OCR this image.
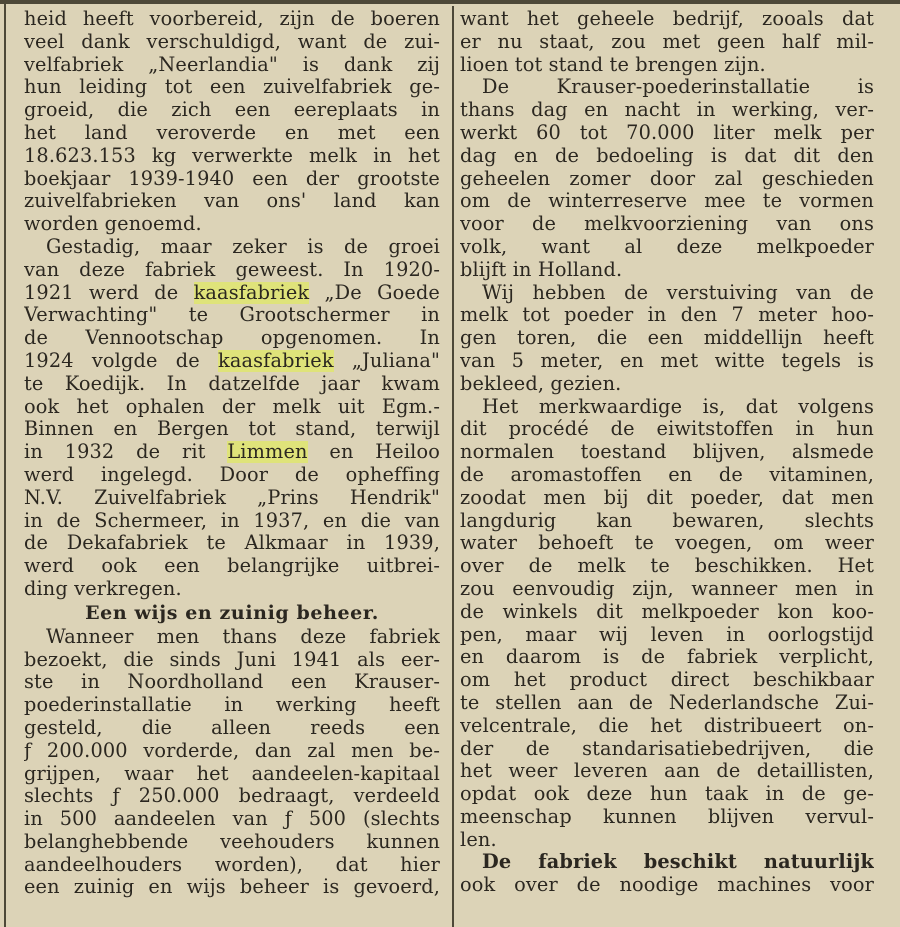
heid heeft voorbereid, zijn de boeren
veel dank verschuldigd, want de zui-
velfabriek „Neerlandia" is dank zij
hun leiding tot een zuivelfabriek ge-
groeid, die zich een eereplaats in
het land veroverde en met een
18.623.153 kg verwerkte melk in het
boekjaar 1939-1940 een der grootste
zuivelfabrieken van ons' land kan
worden genoemd.
Gestadig, maar zeker is de groei
van deze fabriek geweest. In 1920-
1921 werd de kaasfabriek „De Goede
Verwachting" te Grootschermer in
de Vennootschap opgenomen. In
1924 volgde de kaasfabriek „Juliana"
te Koedijk. In datzelfde jaar kwam
ook het ophalen der melk uit Egm.-
Binnen en Bergen tot stand, terwijl
in 1932 de rit Limmen en Heiloo
werd ingelegd. Door de opheffing
N.V. Zuivelfabriek „Prins Hendrik"
in de Schermeer, in 1937, en die van
de Dekafabriek te Alkmaar in 1939,
werd ook een belangrijke uitbrei-
ding verkregen.
Een wijs en zuinig beheer.
Wanneer men thans deze fabriek
bezoekt, die sinds Juni 1941 als eer-
ste in Noordholland een Krauser-
poederinstallatie in werking heeft
gesteld, die alleen reeds een
ƒ 200.000 vorderde, dan zal men be-
grijpen, waar het aandeelen-kapitaal
slechts ƒ 250.000 bedraagt, verdeeld
in 500 aandeelen van ƒ 500 (slechts
belanghebbende veehouders kunnen
aandeelhouders worden), dat hier
een zuinig en wijs beheer is gevoerd,
want het geheele bedrijf, zooals dat
er nu staat, zou met geen half mil-
lioen tot stand te brengen zijn.
De Krauser-poederinstallatie is
thans dag en nacht in werking, ver-
werkt 60 tot 70.000 liter melk per
dag en de bedoeling is dat dit den
geheelen zomer door zal geschieden
om de winterreserve mee te vormen
voor de melkvoorziening van ons
volk, want al deze melkpoeder
blijft in Holland.
Wij hebben de verstuiving van de
melk tot poeder in den 7 meter hoo-
gen toren, die een middellijn heeft
van 5 meter, en met witte tegels is
bekleed, gezien.
Het merkwaardige is, dat volgens
dit procédé de eiwitstoffen in hun
normalen toestand blijven, alsmede
de aromastoffen en de vitaminen,
zoodat men bij dit poeder, dat men
langdurig kan bewaren, slechts
water behoeft te voegen, om weer
over de melk te beschikken. Het
zou eenvoudig zijn, wanneer men in
de winkels dit melkpoeder kon koo-
pen, maar wij leven in oorlogstijd
en daarom is de fabriek verplicht,
om het product direct beschikbaar
te stellen aan de Nederlandsche Zui-
velcentrale, die het distribueert on-
der de standarisatiebedrijven, die
het weer leveren aan de detaillisten,
opdat ook deze hun taak in de ge-
meenschap kunnen blijven vervul-
len.
De fabriek beschikt natuurlijk
ook over de noodige machines voor
